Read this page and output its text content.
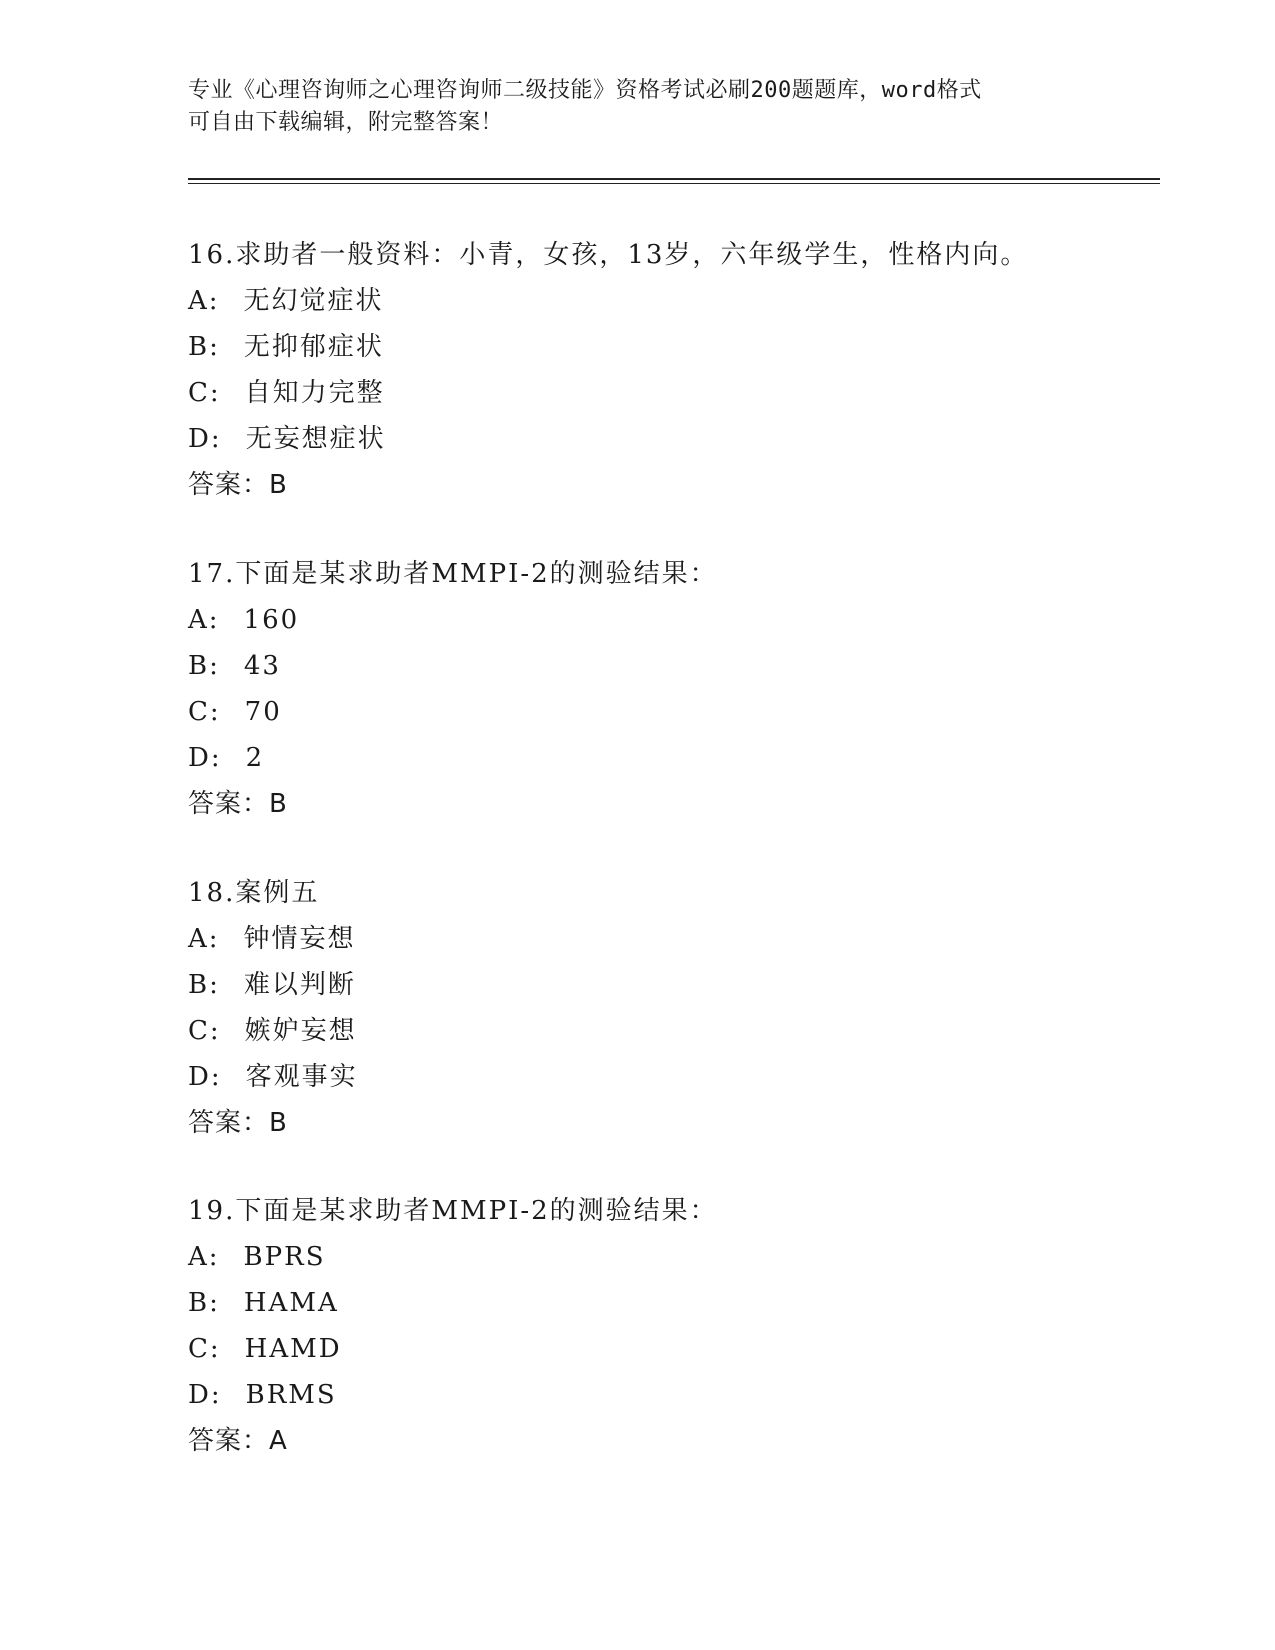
专业《心理咨询师之心理咨询师二级技能》资格考试必刷200题题库，word格式
可自由下载编辑，附完整答案！
16.求助者一般资料：小青，女孩，13岁，六年级学生，性格内向。
A: 无幻觉症状
B: 无抑郁症状
C: 自知力完整
D: 无妄想症状
答案：B
17.下面是某求助者MMPI-2的测验结果：
A: 160
B: 43
C: 70
D: 2
答案：B
18.案例五
A: 钟情妄想
B: 难以判断
C: 嫉妒妄想
D: 客观事实
答案：B
19.下面是某求助者MMPI-2的测验结果：
A: BPRS
B: HAMA
C: HAMD
D: BRMS
答案：A
